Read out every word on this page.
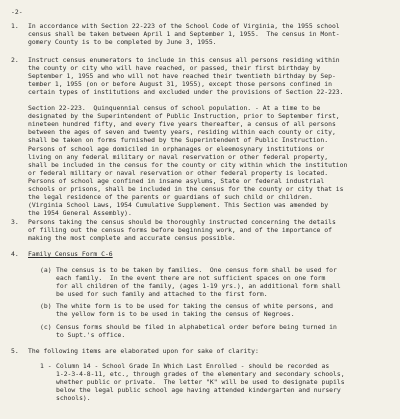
-2-
1. In accordance with Section 22-223 of the School Code of Virginia, the 1955 school
census shall be taken between April 1 and September 1, 1955.  The census in Mont-
gomery County is to be completed by June 3, 1955.
2. Instruct census enumerators to include in this census all persons residing within
the county or city who will have reached, or passed, their first birthday by
September 1, 1955 and who will not have reached their twentieth birthday by Sep-
tember 1, 1955 (on or before August 31, 1955), except those persons confined in
certain types of institutions and excluded under the provisions of Section 22-223.
Section 22-223.  Quinquennial census of school population. - At a time to be
designated by the Superintendent of Public Instruction, prior to September first,
nineteen hundred fifty, and every five years thereafter, a census of all persons
between the ages of seven and twenty years, residing within each county or city,
shall be taken on forms furnished by the Superintendent of Public Instruction.
Persons of school age domiciled in orphanages or eleemosynary institutions or
living on any federal military or naval reservation or other federal property,
shall be included in the census for the county or city within which the institution
or federal military or naval reservation or other federal property is located.
Persons of school age confined in insane asylums, State or federal industrial
schools or prisons, shall be included in the census for the county or city that is
the legal residence of the parents or guardians of such child or children.
(Virginia School Laws, 1954 Cumulative Supplement. This Section was amended by
the 1954 General Assembly).
3. Persons taking the census should be thoroughly instructed concerning the details
of filling out the census forms before beginning work, and of the importance of
making the most complete and accurate census possible.
4. Family Census Form C-6

(a)

The census is to be taken by families.  One census form shall be used for

each family.  In the event there are not sufficient spaces on one form

for all children of the family, (ages 1-19 yrs.), an additional form shall

be used for such family and attached to the first form.

(b)

The white form is to be used for taking the census of white persons, and

the yellow form is to be used in taking the census of Negroes.

(c)

Census forms should be filed in alphabetical order before being turned in

to Supt.'s office.

5. The following items are elaborated upon for sake of clarity:

1 -

Column 14 - School Grade In Which Last Enrolled - should be recorded as

1-2-3-4-8-11, etc., through grades of the elementary and secondary schools,

whether public or private.  The letter "K" will be used to designate pupils

below the legal public school age having attended kindergarten and nursery

schools).
